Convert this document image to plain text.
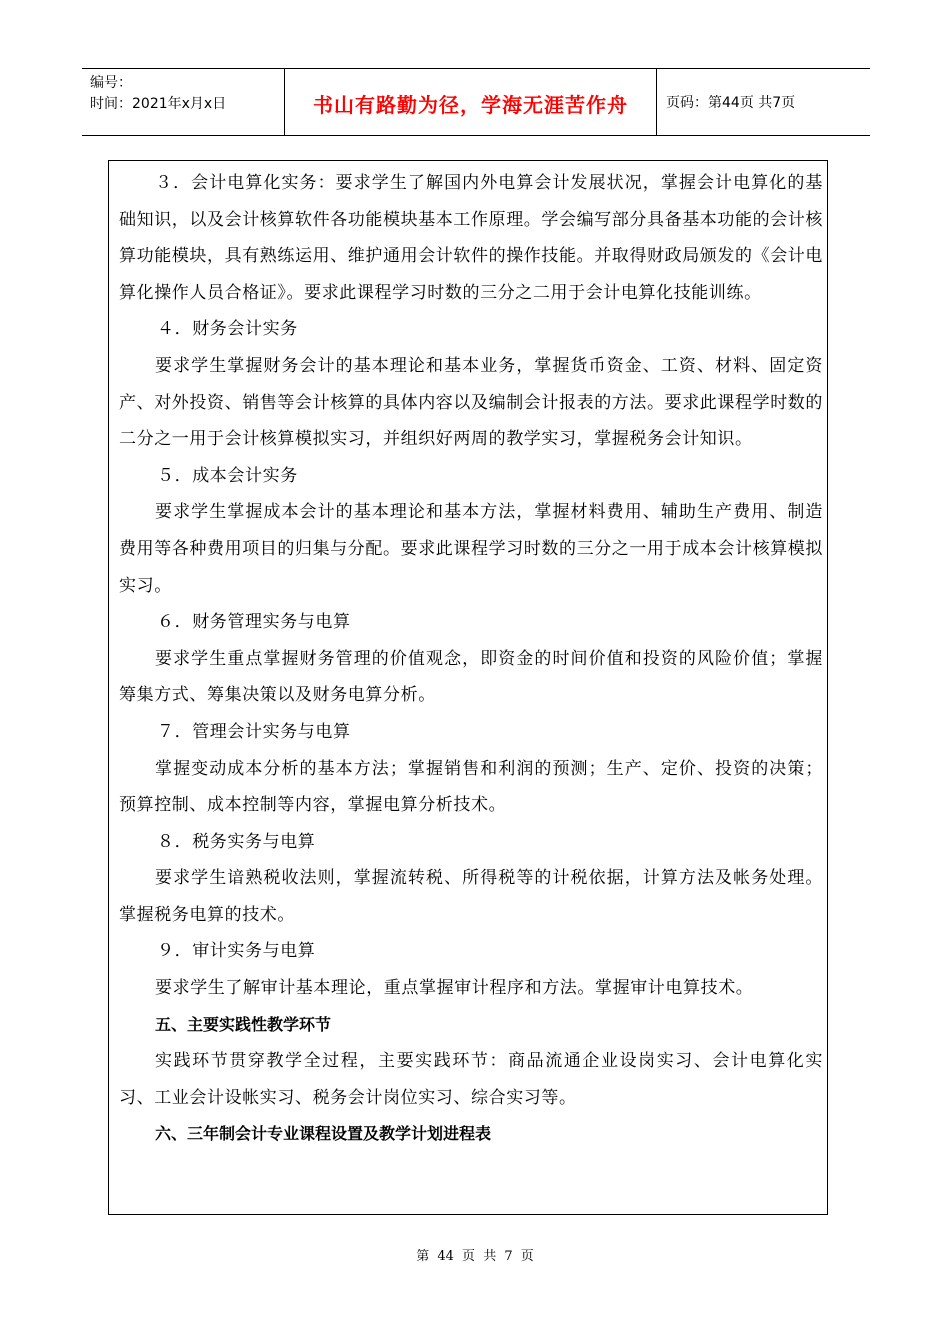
编号：
时间：2021年x月x日	书山有路勤为径，学海无涯苦作舟	页码：第44页 共7页

３．会计电算化实务：要求学生了解国内外电算会计发展状况，掌握会计电算化的基础知识，以及会计核算软件各功能模块基本工作原理。学会编写部分具备基本功能的会计核算功能模块，具有熟练运用、维护通用会计软件的操作技能。并取得财政局颁发的《会计电算化操作人员合格证》。要求此课程学习时数的三分之二用于会计电算化技能训练。

４．财务会计实务

要求学生掌握财务会计的基本理论和基本业务，掌握货币资金、工资、材料、固定资产、对外投资、销售等会计核算的具体内容以及编制会计报表的方法。要求此课程学时数的二分之一用于会计核算模拟实习，并组织好两周的教学实习，掌握税务会计知识。

５．成本会计实务

要求学生掌握成本会计的基本理论和基本方法，掌握材料费用、辅助生产费用、制造费用等各种费用项目的归集与分配。要求此课程学习时数的三分之一用于成本会计核算模拟实习。

６．财务管理实务与电算

要求学生重点掌握财务管理的价值观念，即资金的时间价值和投资的风险价值；掌握筹集方式、筹集决策以及财务电算分析。

７．管理会计实务与电算

掌握变动成本分析的基本方法；掌握销售和利润的预测；生产、定价、投资的决策；预算控制、成本控制等内容，掌握电算分析技术。

８．税务实务与电算

要求学生谙熟税收法则，掌握流转税、所得税等的计税依据，计算方法及帐务处理。掌握税务电算的技术。

９．审计实务与电算

要求学生了解审计基本理论，重点掌握审计程序和方法。掌握审计电算技术。

五、主要实践性教学环节

实践环节贯穿教学全过程，主要实践环节：商品流通企业设岗实习、会计电算化实习、工业会计设帐实习、税务会计岗位实习、综合实习等。

六、三年制会计专业课程设置及教学计划进程表

第 44 页 共 7 页
